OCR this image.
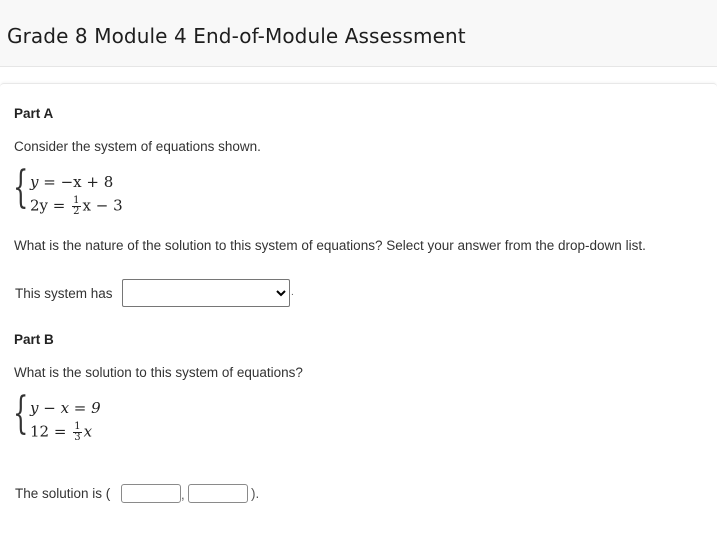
Grade 8 Module 4 End-of-Module Assessment
Part A
Consider the system of equations shown.
{ y = −x + 8
$2y = \frac{1}{2}$ x − 3
What is the nature of the solution to this system of equations? Select your answer from the drop-down list.
This system has	.
Part B
What is the solution to this system of equations?
{ y − x = 9
$12 = \frac{1}{3}$ x
The solution is (	,	).
